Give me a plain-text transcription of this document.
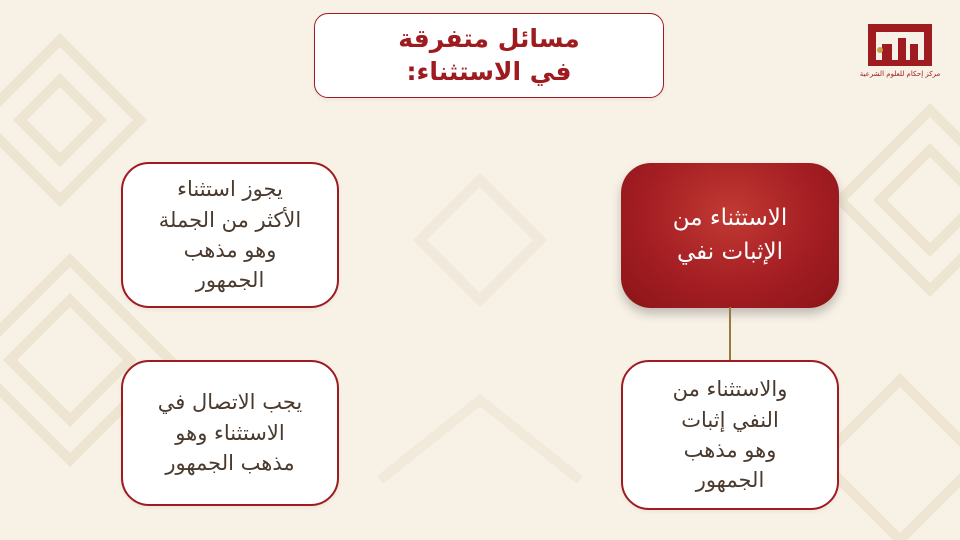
مركز إحكام للعلوم الشرعية
مسائل متفرقة
في الاستثناء:
الاستثناء من
الإثبات نفي
والاستثناء من
النفي إثبات
وهو مذهب
الجمهور
يجوز استثناء
الأكثر من الجملة
وهو مذهب
الجمهور
يجب الاتصال في
الاستثناء وهو
مذهب الجمهور
